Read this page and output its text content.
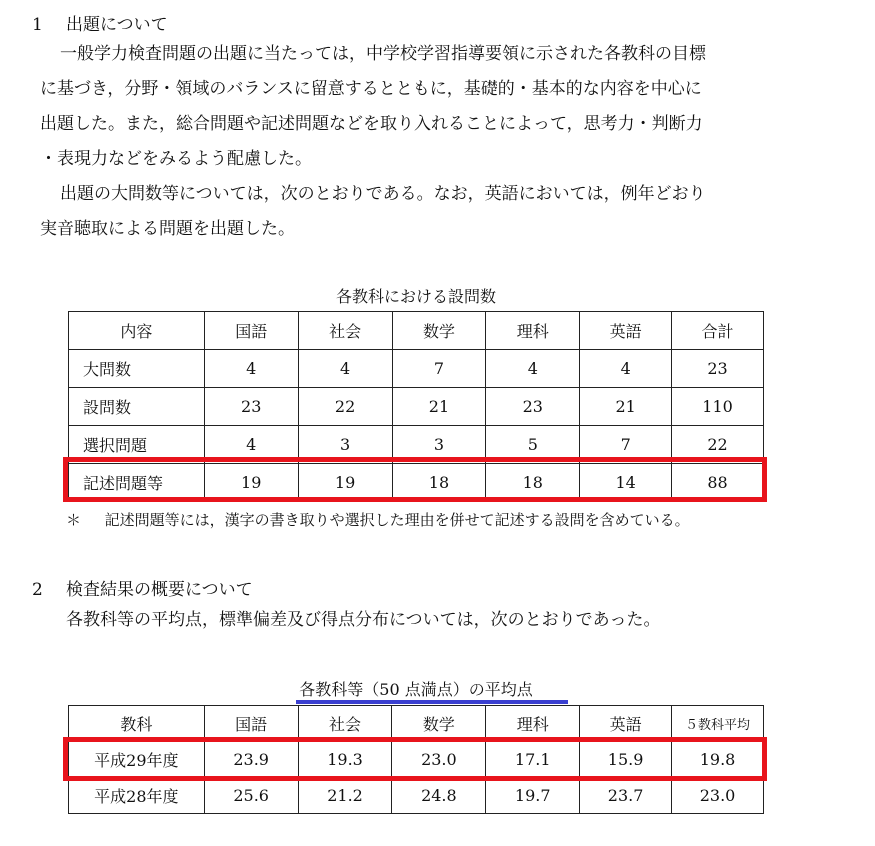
1 出題について
一般学力検査問題の出題に当たっては，中学校学習指導要領に示された各教科の目標
に基づき，分野・領域のバランスに留意するとともに，基礎的・基本的な内容を中心に
出題した。また，総合問題や記述問題などを取り入れることによって，思考力・判断力
・表現力などをみるよう配慮した。
出題の大問数等については，次のとおりである。なお，英語においては，例年どおり
実音聴取による問題を出題した。
各教科における設問数
内容	国語	社会	数学	理科	英語	合計
大問数	4	4	7	4	4	23
設問数	23	22	21	23	21	110
選択問題	4	3	3	5	7	22
記述問題等	19	19	18	18	14	88
＊ 記述問題等には，漢字の書き取りや選択した理由を併せて記述する設問を含めている。
2 検査結果の概要について
各教科等の平均点，標準偏差及び得点分布については，次のとおりであった。
各教科等（50 点満点）の平均点
教科	国語	社会	数学	理科	英語	５教科平均
平成29年度	23.9	19.3	23.0	17.1	15.9	19.8
平成28年度	25.6	21.2	24.8	19.7	23.7	23.0
